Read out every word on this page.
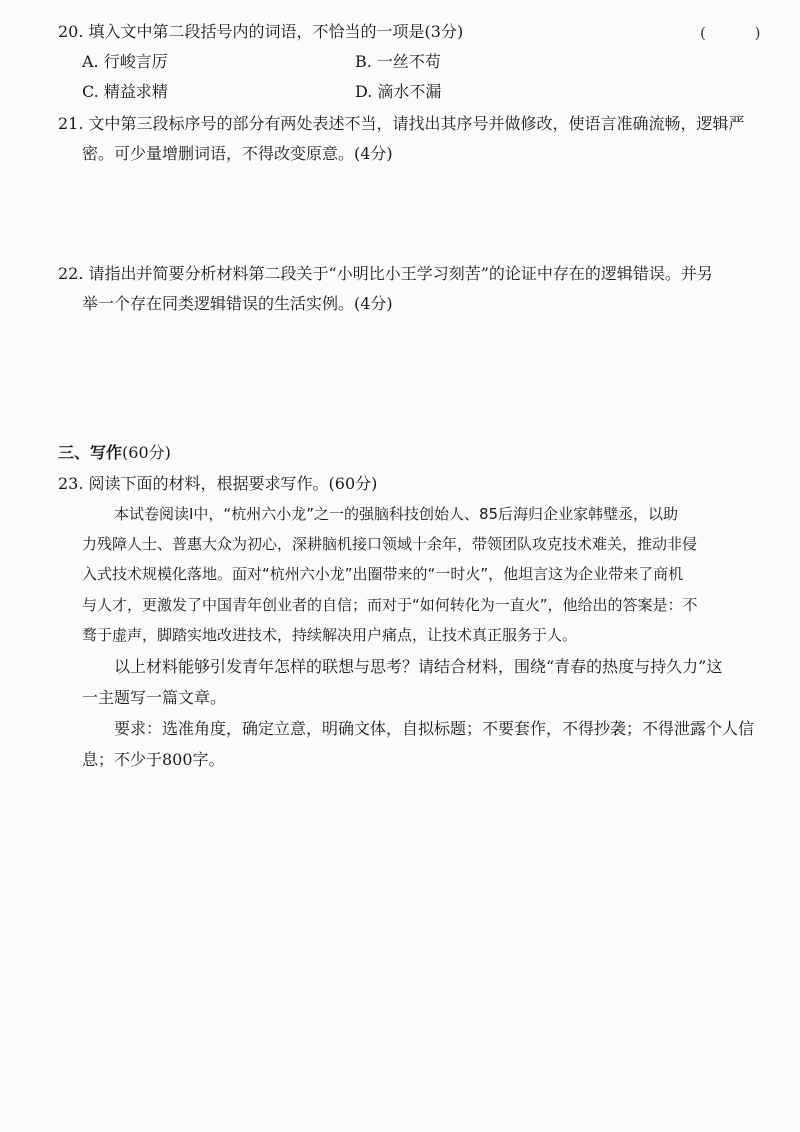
20. 填入文中第二段括号内的词语，不恰当的一项是(3分)	( )
A. 行峻言厉	B. 一丝不苟
C. 精益求精	D. 滴水不漏
21. 文中第三段标序号的部分有两处表述不当，请找出其序号并做修改，使语言准确流畅，逻辑严
密。可少量增删词语，不得改变原意。(4分)
22. 请指出并简要分析材料第二段关于“小明比小王学习刻苦”的论证中存在的逻辑错误。并另
举一个存在同类逻辑错误的生活实例。(4分)
三、写作(60分)
23. 阅读下面的材料，根据要求写作。(60分)
本试卷阅读Ⅰ中，“杭州六小龙”之一的强脑科技创始人、85后海归企业家韩璧丞，以助
力残障人士、普惠大众为初心，深耕脑机接口领域十余年，带领团队攻克技术难关，推动非侵
入式技术规模化落地。面对“杭州六小龙”出圈带来的“一时火”，他坦言这为企业带来了商机
与人才，更激发了中国青年创业者的自信；而对于“如何转化为一直火”，他给出的答案是：不
骛于虚声，脚踏实地改进技术，持续解决用户痛点，让技术真正服务于人。
以上材料能够引发青年怎样的联想与思考？请结合材料，围绕“青春的热度与持久力”这
一主题写一篇文章。
要求：选准角度，确定立意，明确文体，自拟标题；不要套作，不得抄袭；不得泄露个人信
息；不少于800字。
